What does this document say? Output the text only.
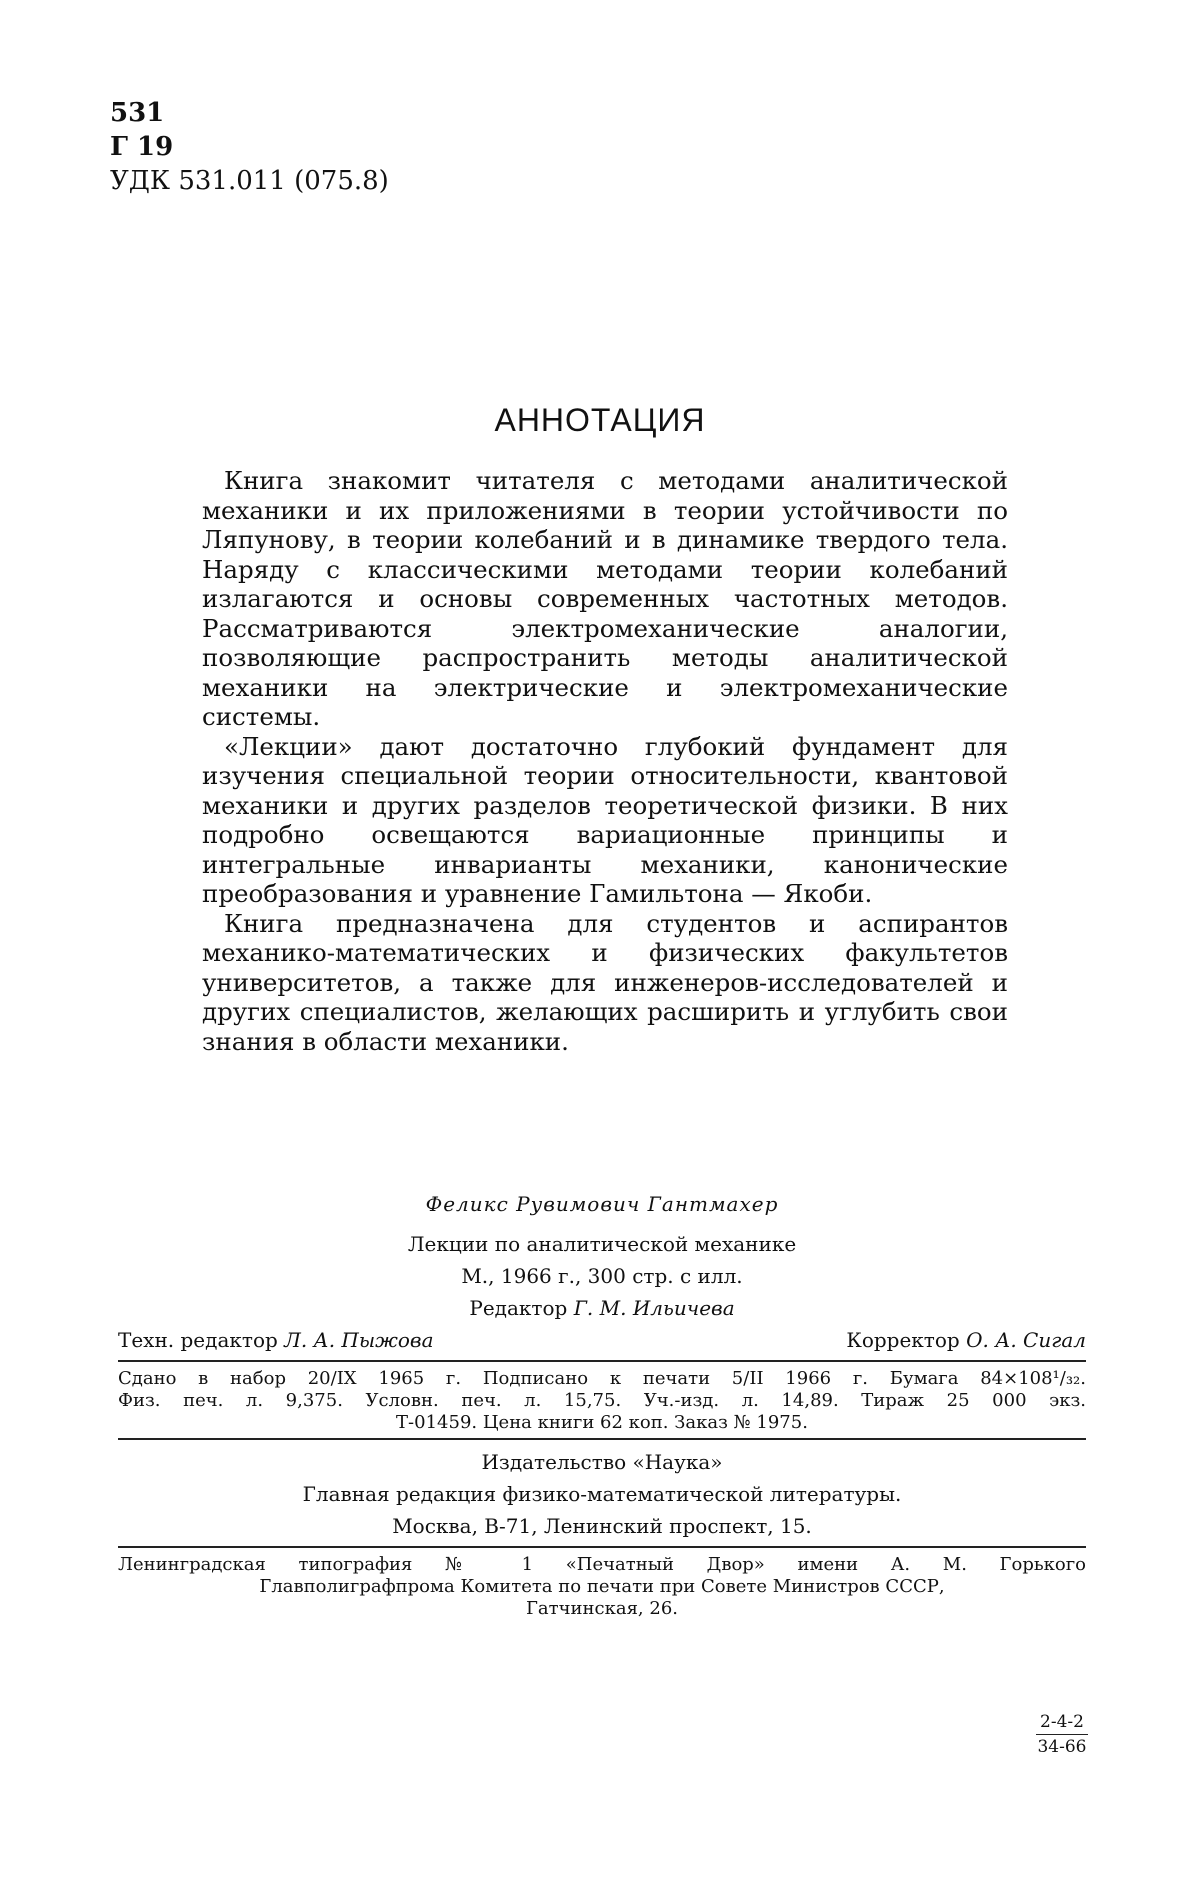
531
Г 19
УДК 531.011 (075.8)
АННОТАЦИЯ

Книга знакомит читателя с методами аналитической механики и их приложениями в теории устойчивости по Ляпунову, в теории колебаний и в динамике твердого тела. Наряду с классическими методами теории колебаний излагаются и основы современных частотных методов. Рассматриваются электромеханические аналогии, позволяющие распространить методы аналитической механики на электрические и электромеханические системы.

«Лекции» дают достаточно глубокий фундамент для изучения специальной теории относительности, квантовой механики и других разделов теоретической физики. В них подробно освещаются вариационные принципы и интегральные инварианты механики, канонические преобразования и уравнение Гамильтона — Якоби.

Книга предназначена для студентов и аспирантов механико-математических и физических факультетов университетов, а также для инженеров-исследователей и других специалистов, желающих расширить и углубить свои знания в области механики.

Феликс Рувимович Гантмахер
Лекции по аналитической механике
М., 1966 г., 300 стр. с илл.
Редактор Г. М. Ильичева
Техн. редактор Л. А. Пыжова	Корректор О. А. Сигал
Сдано в набор 20/IX 1965 г. Подписано к печати 5/II 1966 г. Бумага 84×108¹/₃₂.
Физ. печ. л. 9,375. Условн. печ. л. 15,75. Уч.-изд. л. 14,89. Тираж 25 000 экз.
Т-01459. Цена книги 62 коп. Заказ № 1975.
Издательство «Наука»
Главная редакция физико-математической литературы.
Москва, В-71, Ленинский проспект, 15.
Ленинградская типография № 1 «Печатный Двор» имени А. М. Горького
Главполиграфпрома Комитета по печати при Совете Министров СССР,
Гатчинская, 26.
$\frac{2-4-2}{34-66}$
